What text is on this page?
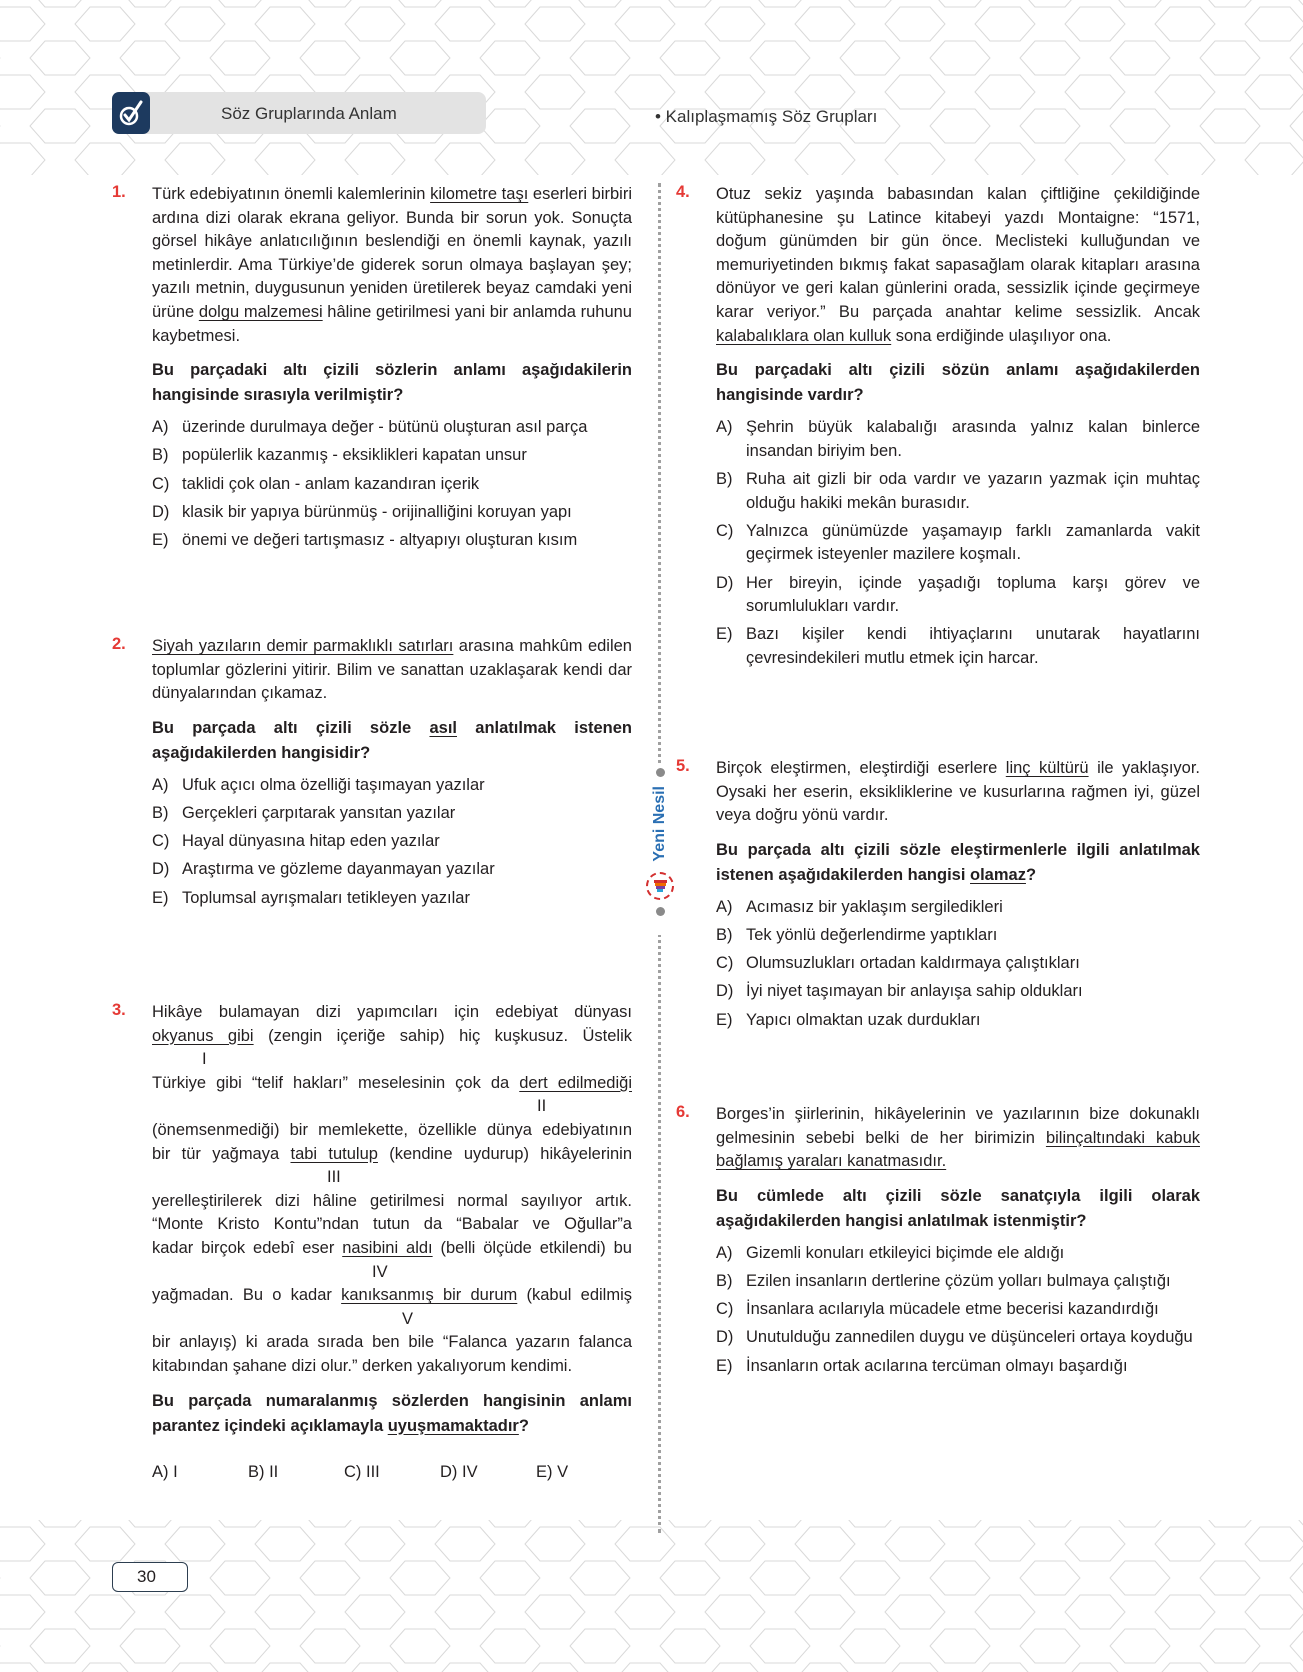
Söz Gruplarında Anlam	• Kalıplaşmamış Söz Grupları
Yeni Nesil
1. Türk edebiyatının önemli kalemlerinin kilometre taşı eserleri birbiri ardına dizi olarak ekrana geliyor. Bunda bir sorun yok. Sonuçta görsel hikâye anlatıcılığının beslendiği en önemli kaynak, yazılı metinlerdir. Ama Türkiye’de giderek sorun olmaya başlayan şey; yazılı metnin, duygusunun yeniden üretilerek beyaz camdaki yeni ürüne dolgu malzemesi hâline getirilmesi yani bir anlamda ruhunu kaybetmesi.

Bu parçadaki altı çizili sözlerin anlamı aşağıdakilerin hangisinde sırasıyla verilmiştir?

A) üzerinde durulmaya değer - bütünü oluşturan asıl parça
B) popülerlik kazanmış - eksiklikleri kapatan unsur
C) taklidi çok olan - anlam kazandıran içerik
D) klasik bir yapıya bürünmüş - orijinalliğini koruyan yapı
E) önemi ve değeri tartışmasız - altyapıyı oluşturan kısım
2. Siyah yazıların demir parmaklıklı satırları arasına mahkûm edilen toplumlar gözlerini yitirir. Bilim ve sanattan uzaklaşarak kendi dar dünyalarından çıkamaz.

Bu parçada altı çizili sözle asıl anlatılmak istenen aşağıdakilerden hangisidir?

A) Ufuk açıcı olma özelliği taşımayan yazılar
B) Gerçekleri çarpıtarak yansıtan yazılar
C) Hayal dünyasına hitap eden yazılar
D) Araştırma ve gözleme dayanmayan yazılar
E) Toplumsal ayrışmaları tetikleyen yazılar
3. Hikâye bulamayan dizi yapımcıları için edebiyat dünyası

okyanus gibi (zengin içeriğe sahip) hiç kuşkusuz. Üstelik

I

Türkiye gibi “telif hakları” meselesinin çok da dert edilmediği

II

(önemsenmediği) bir memlekette, özellikle dünya edebiyatının

bir tür yağmaya tabi tutulup (kendine uydurup) hikâyelerinin

III

yerelleştirilerek dizi hâline getirilmesi normal sayılıyor artık.

“Monte Kristo Kontu”ndan tutun da “Babalar ve Oğullar”a

kadar birçok edebî eser nasibini aldı (belli ölçüde etkilendi) bu

IV

yağmadan. Bu o kadar kanıksanmış bir durum (kabul edilmiş

V

bir anlayış) ki arada sırada ben bile “Falanca yazarın falanca

kitabından şahane dizi olur.” derken yakalıyorum kendimi.

Bu parçada numaralanmış sözlerden hangisinin anlamı parantez içindeki açıklamayla uyuşmamaktadır?

A) I	B) II	C) III	D) IV	E) V
4. Otuz sekiz yaşında babasından kalan çiftliğine çekildiğinde kütüphanesine şu Latince kitabeyi yazdı Montaigne: “1571, doğum günümden bir gün önce. Meclisteki kulluğundan ve memuriyetinden bıkmış fakat sapasağlam olarak kitapları arasına dönüyor ve geri kalan günlerini orada, sessizlik içinde geçirmeye karar veriyor.” Bu parçada anahtar kelime sessizlik. Ancak kalabalıklara olan kulluk sona erdiğinde ulaşılıyor ona.

Bu parçadaki altı çizili sözün anlamı aşağıdakilerden hangisinde vardır?

A) Şehrin büyük kalabalığı arasında yalnız kalan binlerce insandan biriyim ben.
B) Ruha ait gizli bir oda vardır ve yazarın yazmak için muhtaç olduğu hakiki mekân burasıdır.
C) Yalnızca günümüzde yaşamayıp farklı zamanlarda vakit geçirmek isteyenler mazilere koşmalı.
D) Her bireyin, içinde yaşadığı topluma karşı görev ve sorumlulukları vardır.
E) Bazı kişiler kendi ihtiyaçlarını unutarak hayatlarını çevresindekileri mutlu etmek için harcar.
5. Birçok eleştirmen, eleştirdiği eserlere linç kültürü ile yaklaşıyor. Oysaki her eserin, eksikliklerine ve kusurlarına rağmen iyi, güzel veya doğru yönü vardır.

Bu parçada altı çizili sözle eleştirmenlerle ilgili anlatılmak istenen aşağıdakilerden hangisi olamaz?

A) Acımasız bir yaklaşım sergiledikleri
B) Tek yönlü değerlendirme yaptıkları
C) Olumsuzlukları ortadan kaldırmaya çalıştıkları
D) İyi niyet taşımayan bir anlayışa sahip oldukları
E) Yapıcı olmaktan uzak durdukları
6. Borges’in şiirlerinin, hikâyelerinin ve yazılarının bize dokunaklı gelmesinin sebebi belki de her birimizin bilinçaltındaki kabuk bağlamış yaraları kanatmasıdır.

Bu cümlede altı çizili sözle sanatçıyla ilgili olarak aşağıdakilerden hangisi anlatılmak istenmiştir?

A) Gizemli konuları etkileyici biçimde ele aldığı
B) Ezilen insanların dertlerine çözüm yolları bulmaya çalıştığı
C) İnsanlara acılarıyla mücadele etme becerisi kazandırdığı
D) Unutulduğu zannedilen duygu ve düşünceleri ortaya koyduğu
E) İnsanların ortak acılarına tercüman olmayı başardığı
30
